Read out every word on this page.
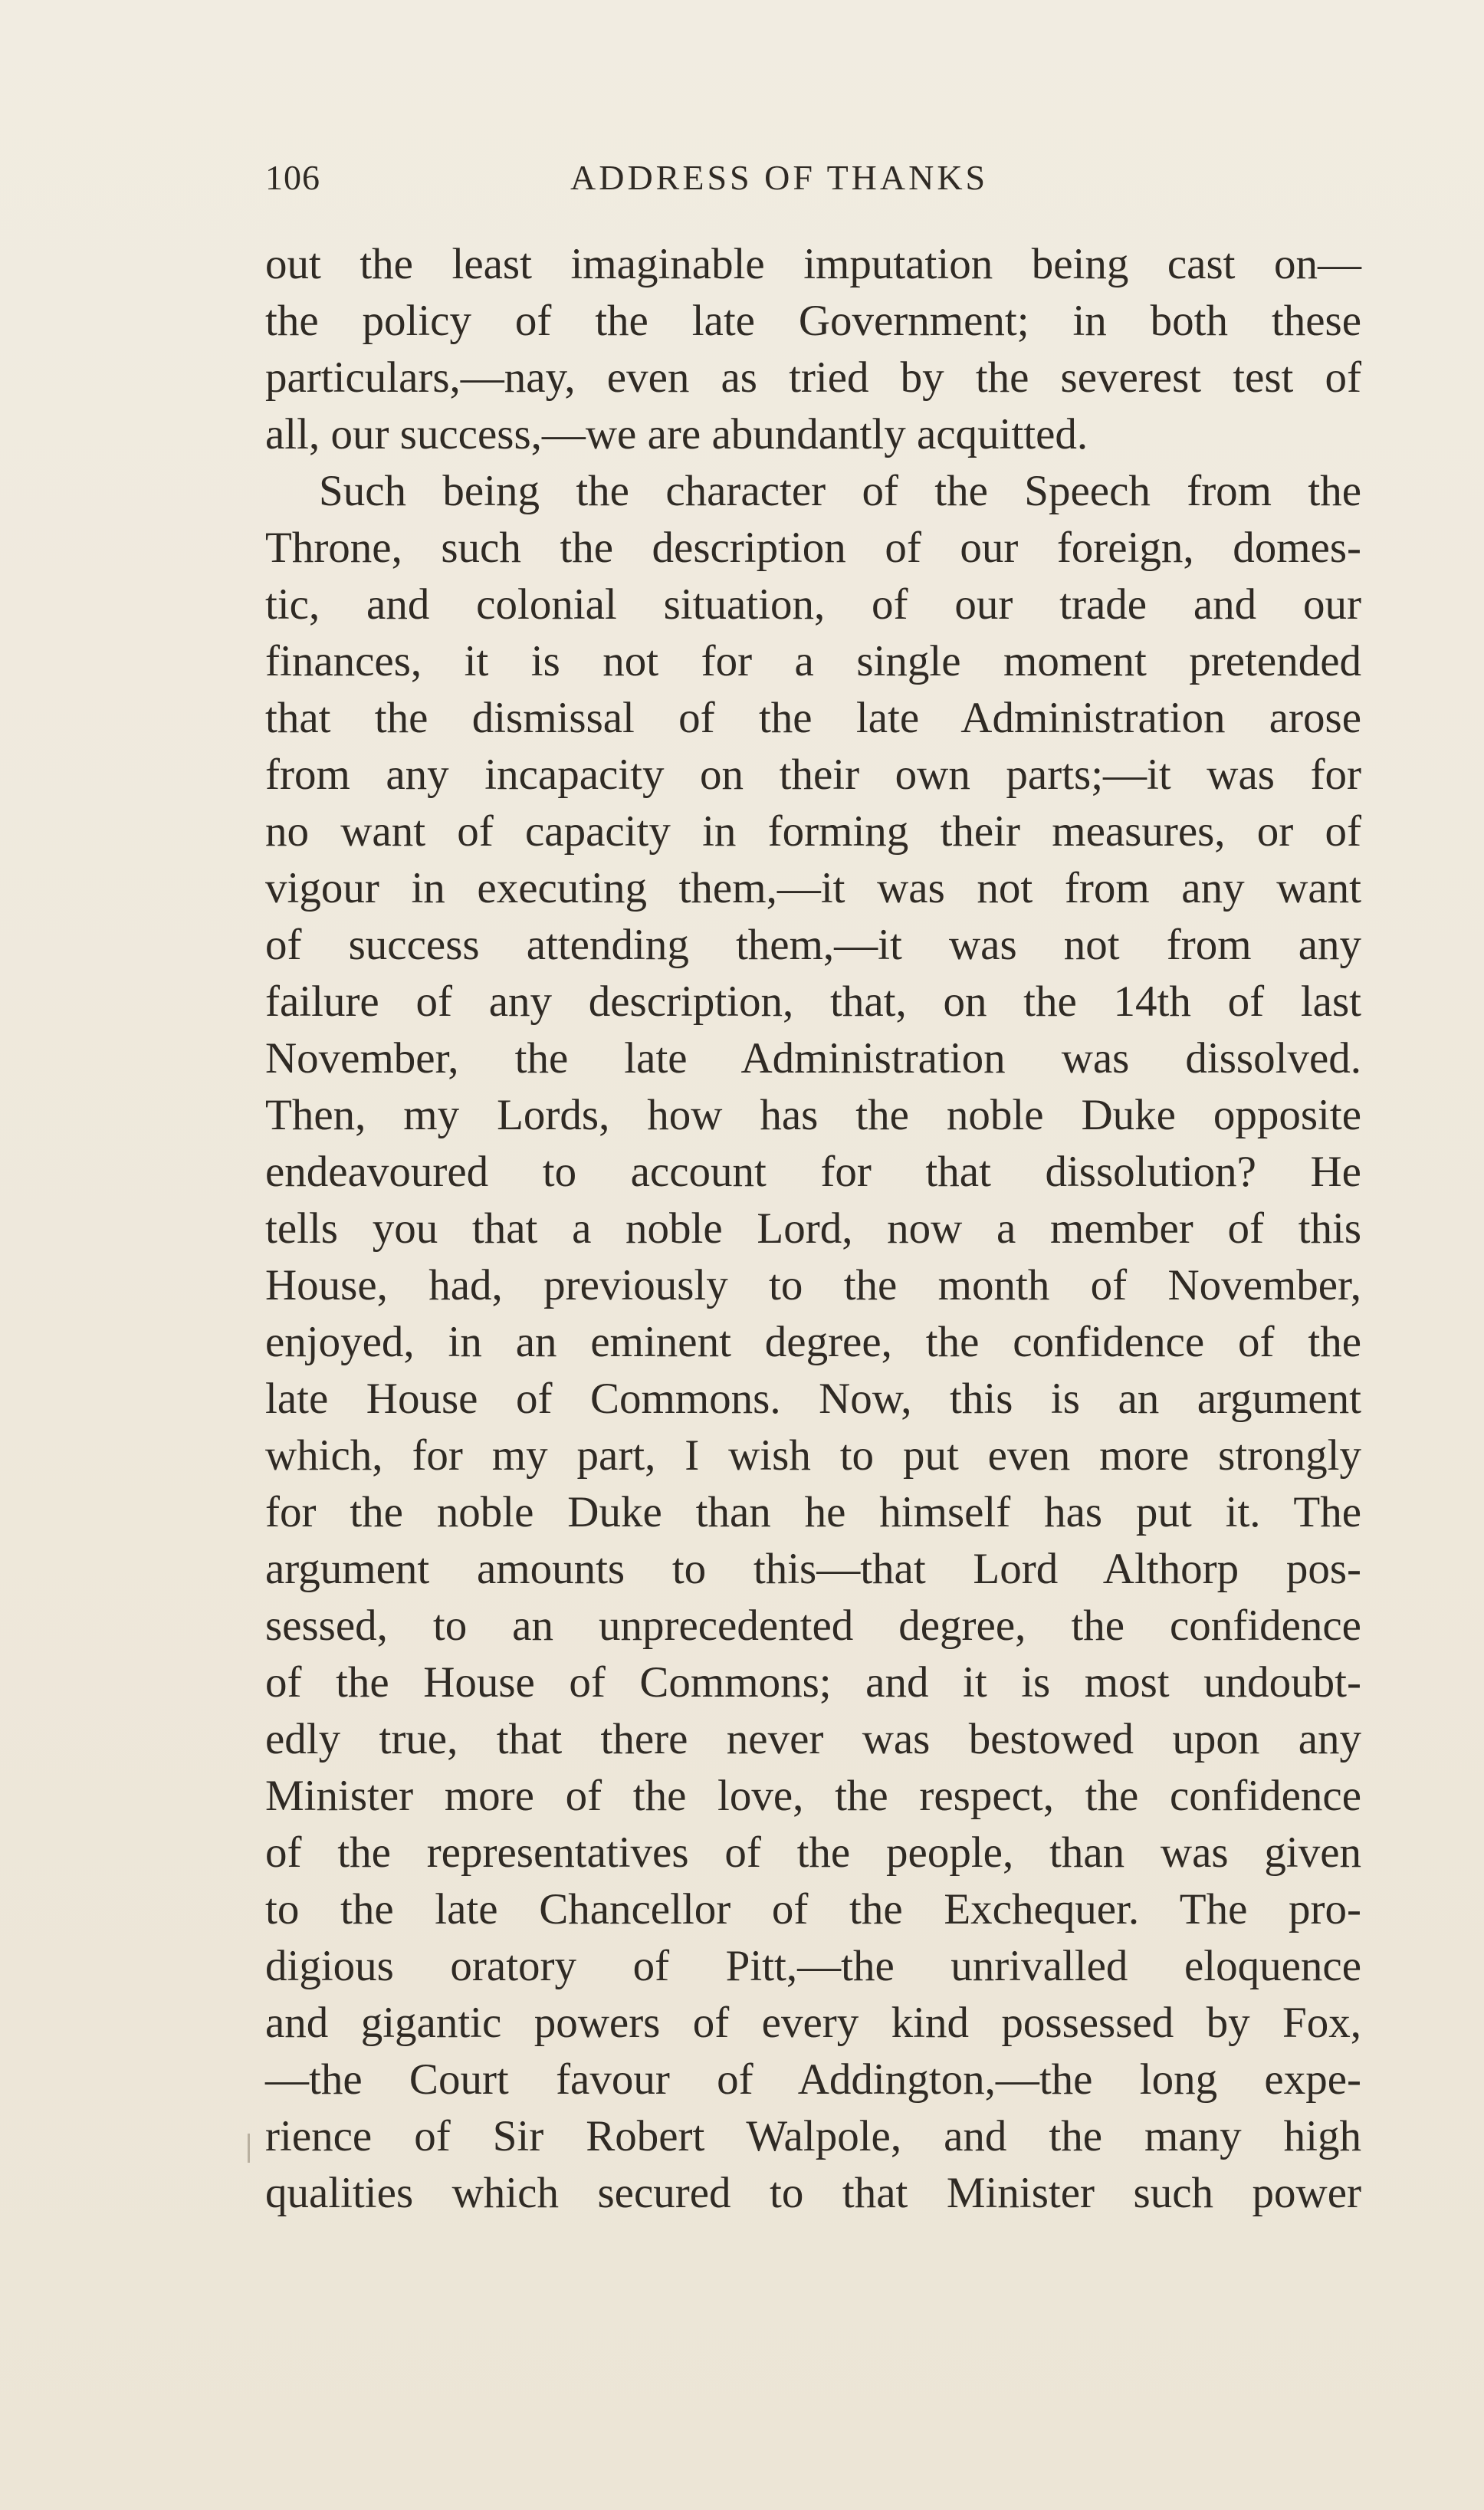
106	ADDRESS OF THANKS
out the least imaginable imputation being cast on—
the policy of the late Government; in both these
particulars,—nay, even as tried by the severest test of
all, our success,—we are abundantly acquitted.
Such being the character of the Speech from the
Throne, such the description of our foreign, domes-
tic, and colonial situation, of our trade and our
finances, it is not for a single moment pretended
that the dismissal of the late Administration arose
from any incapacity on their own parts;—it was for
no want of capacity in forming their measures, or of
vigour in executing them,—it was not from any want
of success attending them,—it was not from any
failure of any description, that, on the 14th of last
November, the late Administration was dissolved.
Then, my Lords, how has the noble Duke opposite
endeavoured to account for that dissolution? He
tells you that a noble Lord, now a member of this
House, had, previously to the month of November,
enjoyed, in an eminent degree, the confidence of the
late House of Commons. Now, this is an argument
which, for my part, I wish to put even more strongly
for the noble Duke than he himself has put it. The
argument amounts to this—that Lord Althorp pos-
sessed, to an unprecedented degree, the confidence
of the House of Commons; and it is most undoubt-
edly true, that there never was bestowed upon any
Minister more of the love, the respect, the confidence
of the representatives of the people, than was given
to the late Chancellor of the Exchequer. The pro-
digious oratory of Pitt,—the unrivalled eloquence
and gigantic powers of every kind possessed by Fox,
—the Court favour of Addington,—the long expe-
rience of Sir Robert Walpole, and the many high
qualities which secured to that Minister such power
